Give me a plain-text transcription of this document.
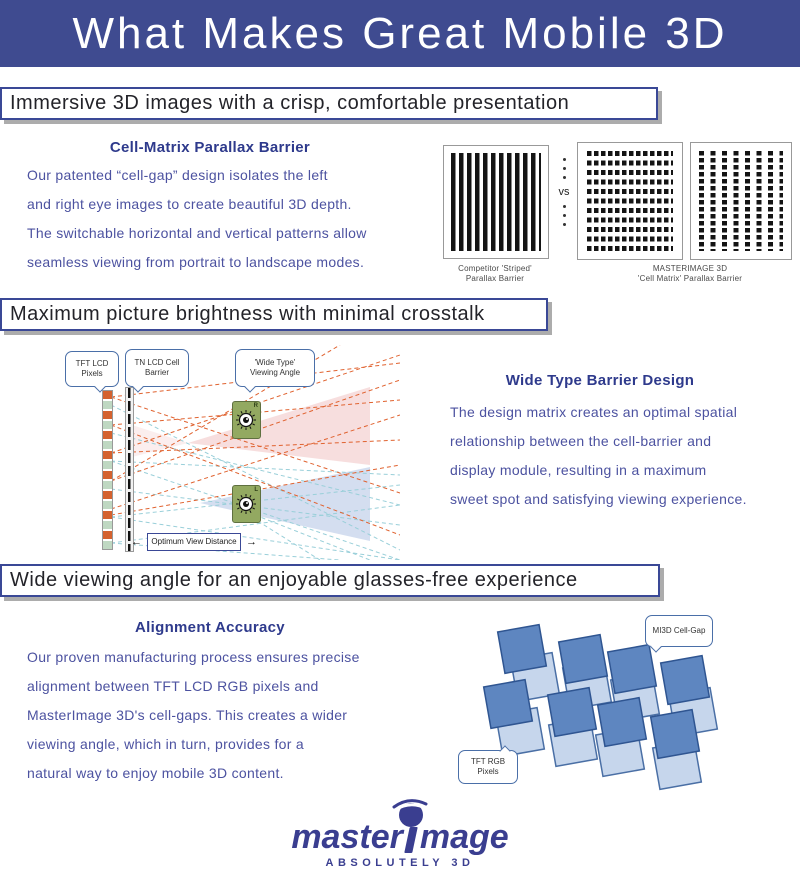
What Makes Great Mobile 3D
Immersive 3D images with a crisp, comfortable presentation
Cell-Matrix Parallax Barrier
Our patented “cell-gap” design isolates the left
and right eye images to create beautiful 3D depth.
The switchable horizontal and vertical patterns allow
seamless viewing from portrait to landscape modes.
vs
Competitor 'Striped'
Parallax Barrier
MASTERIMAGE 3D
'Cell Matrix' Parallax Barrier
Maximum picture brightness with minimal crosstalk
TFT LCD
Pixels
TN LCD Cell
Barrier
'Wide Type'
Viewing Angle
R
L
← Optimum View Distance →
Wide Type Barrier Design
The design matrix creates an optimal spatial
relationship between the cell-barrier and
display module, resulting in a maximum
sweet spot and satisfying viewing experience.
Wide viewing angle for an enjoyable glasses-free experience
Alignment Accuracy
Our proven manufacturing process ensures precise
alignment between TFT LCD RGB pixels and
MasterImage 3D's cell-gaps. This creates a wider
viewing angle, which in turn, provides for a
natural way to enjoy mobile 3D content.
MI3D Cell-Gap
TFT RGB
Pixels
master mage
ABSOLUTELY 3D
